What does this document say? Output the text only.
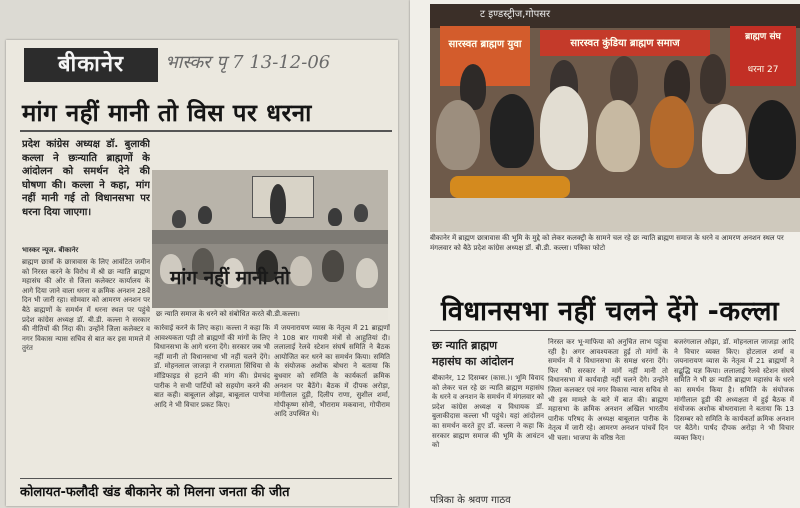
बीकानेर	भास्कर पृ 7 13-12-06
मांग नहीं मानी तो विस पर धरना
प्रदेश कांग्रेस अध्यक्ष डॉ. बुलाकी कल्ला ने छःन्याति ब्राह्मणों के आंदोलन को समर्थन देने की घोषणा की। कल्ला ने कहा, मांग नहीं मानी गई तो विधानसभा पर धरना दिया जाएगा।
भास्कर न्यूज. बीकानेर
ब्राह्मण छात्रों के छात्रावास के लिए आवंटित जमीन को निरस्त करने के विरोध में श्री छः न्याति ब्राह्मण महासंघ की ओर से जिला कलेक्टर कार्यालय के आगे दिया जाने वाला धरना व क्रमिक अनशन 28वें दिन भी जारी रहा। सोमवार को आमरण अनशन पर बैठे ब्राह्मणों के समर्थन में धरना स्थल पर पहुंचे प्रदेश कांग्रेस अध्यक्ष डॉ. बी.डी. कल्ला ने सरकार की नीतियों की निंदा की। उन्होंने जिला कलेक्टर व नगर विकास न्यास सचिव से बात कर इस मामले में तुरंत
छः न्याति समाज के धरने को संबोधित करते बी.डी.कल्ला।
कार्रवाई करने के लिए कहा। कल्ला ने कहा कि आवश्यकता पड़ी तो ब्राह्मणों की मांगों के लिए विधानसभा के आगे धरना देंगे। सरकार जब भी नहीं मानी तो विधानसभा भी नहीं चलने देंगे। डॉ. मोहनलाल जाजड़ा ने राजमाता सिंधिया से मॉडिफाइड से हटाने की मांग की। प्रेमचंद पारीक ने सभी पार्टियों को सहयोग करने की बात कही। बाबूलाल ओझा, बाबूलाल पाणेचा आदि ने भी विचार प्रकट किए।
में जयनारायण व्यास के नेतृत्व में 21 ब्राह्मणों ने 108 बार गायत्री मंत्रों से आहुतियां दी। ललालाई रेलवे स्टेशन संघर्ष समिति ने बैठक आयोजित कर धरने का समर्थन किया। समिति के संयोजक अशोक बोथरा ने बताया कि बुधवार को समिति के कार्यकर्ता क्रमिक अनशन पर बैठेंगे। बैठक में दीपक अरोड़ा, मांगीलाल दुड़ी, दिलीप राणा, सुशील शर्मा, गोपीकृष्ण सोनी, भीराराम मकवाना, गोपीराम आदि उपस्थित थे।
कोलायत-फलौदी खंड बीकानेर को मिलना जनता की जीत
ट इण्डस्ट्रीज,गोपसर
सारस्वत ब्राह्मण युवा	सारस्वत कुंडिया ब्राह्मण समाज
ब्राह्मण संघ
धरना 27
बीकानेर में ब्राह्मण छात्रावास की भूमि के मुद्दे को लेकर कलक्ट्री के सामने चल रहे छः न्याति ब्राह्मण समाज के धरने व आमरण अनशन स्थल पर मंगलवार को बैठे प्रदेश कांग्रेस अध्यक्ष डॉ. बी.डी. कल्ला। पत्रिका फोटो
मांग नहीं मानी तो
विधानसभा नहीं चलने देंगे -कल्ला
छः न्याति ब्राह्मण
महासंघ का आंदोलन
बीकानेर, 12 दिसम्बर (कास.)। भूमि विवाद को लेकर चल रहे छः न्याति ब्राह्मण महासंघ के धरने व अनशन के समर्थन में मंगलवार को प्रदेश कांग्रेस अध्यक्ष व विधायक डॉ. बुलाकीदास कल्ला भी पहुंचे। यहां आंदोलन का समर्थन करते हुए डॉ. कल्ला ने कहा कि सरकार ब्राह्मण समाज की भूमि के आवंटन को
निरस्त कर भू-माफिया को अनुचित लाभ पहुंचा रही है। अगर आवश्यकता हुई तो मांगों के समर्थन में वे विधानसभा के समक्ष धरना देंगे। फिर भी सरकार ने मांगें नहीं मानी तो विधानसभा में कार्यवाही नहीं चलने देंगे। उन्होंने जिला कलक्टर एवं नगर विकास न्यास सचिव से भी इस मामले के बारे में बात की। ब्राह्मण महासभा के क्रमिक अनशन अखिल भारतीय पारीक परिषद के अध्यक्ष बाबूलाल पारीक के नेतृत्व में जारी रहे। आमरण अनशन पांचवें दिन भी चला। भाजपा के वरिष्ठ नेता
बजरंगलाल ओझा, डॉ. मोहनलाल जाजड़ा आदि ने विचार व्यक्त किए। होटलाल शर्मा व जयनारायण व्यास के नेतृत्व में 21 ब्राह्मणों ने सद्बुद्धि यज्ञ किया। ललालाई रेलवे स्टेशन संघर्ष समिति ने भी छः न्याति ब्राह्मण महासंघ के धरने का समर्थन किया है। समिति के संयोजक मांगीलाल डूडी की अध्यक्षता में हुई बैठक में संयोजक अशोक बोथरावाला ने बताया कि 13 दिसम्बर को समिति के कार्यकर्ता क्रमिक अनशन पर बैठेंगे। पार्षद दीपक अरोड़ा ने भी विचार व्यक्त किए।
पत्रिका के श्रवण गाठव
